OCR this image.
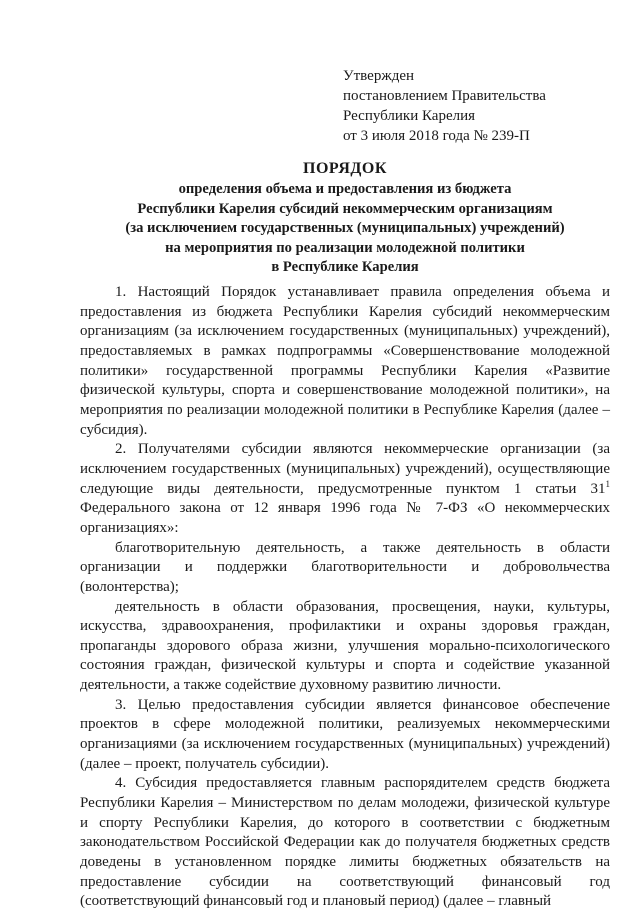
Утвержден
постановлением Правительства
Республики Карелия
от 3 июля 2018 года № 239-П
ПОРЯДОК
определения объема и предоставления из бюджета
Республики Карелия субсидий некоммерческим организациям
(за исключением государственных (муниципальных) учреждений)
на мероприятия по реализации молодежной политики
в Республике Карелия

1. Настоящий Порядок устанавливает правила определения объема и предоставления из бюджета Республики Карелия субсидий некоммерческим организациям (за исключением государственных (муниципальных) учреждений), предоставляемых в рамках подпрограммы «Совершенствование молодежной политики» государственной программы Республики Карелия «Развитие физической культуры, спорта и совершенствование молодежной политики», на мероприятия по реализации молодежной политики в Республике Карелия (далее – субсидия).

2. Получателями субсидии являются некоммерческие организации (за исключением государственных (муниципальных) учреждений), осуществляющие следующие виды деятельности, предусмотренные пунктом 1 статьи $31^1$ Федерального закона от 12 января 1996 года № 7-ФЗ «О некоммерческих организациях»:

благотворительную деятельность, а также деятельность в области организации и поддержки благотворительности и добровольчества (волонтерства);

деятельность в области образования, просвещения, науки, культуры, искусства, здравоохранения, профилактики и охраны здоровья граждан, пропаганды здорового образа жизни, улучшения морально-психологического состояния граждан, физической культуры и спорта и содействие указанной деятельности, а также содействие духовному развитию личности.

3. Целью предоставления субсидии является финансовое обеспечение проектов в сфере молодежной политики, реализуемых некоммерческими организациями (за исключением государственных (муниципальных) учреждений) (далее – проект, получатель субсидии).

4. Субсидия предоставляется главным распорядителем средств бюджета Республики Карелия – Министерством по делам молодежи, физической культуре и спорту Республики Карелия, до которого в соответствии с бюджетным законодательством Российской Федерации как до получателя бюджетных средств доведены в установленном порядке лимиты бюджетных обязательств на предоставление субсидии на соответствующий финансовый год (соответствующий финансовый год и плановый период) (далее – главный
